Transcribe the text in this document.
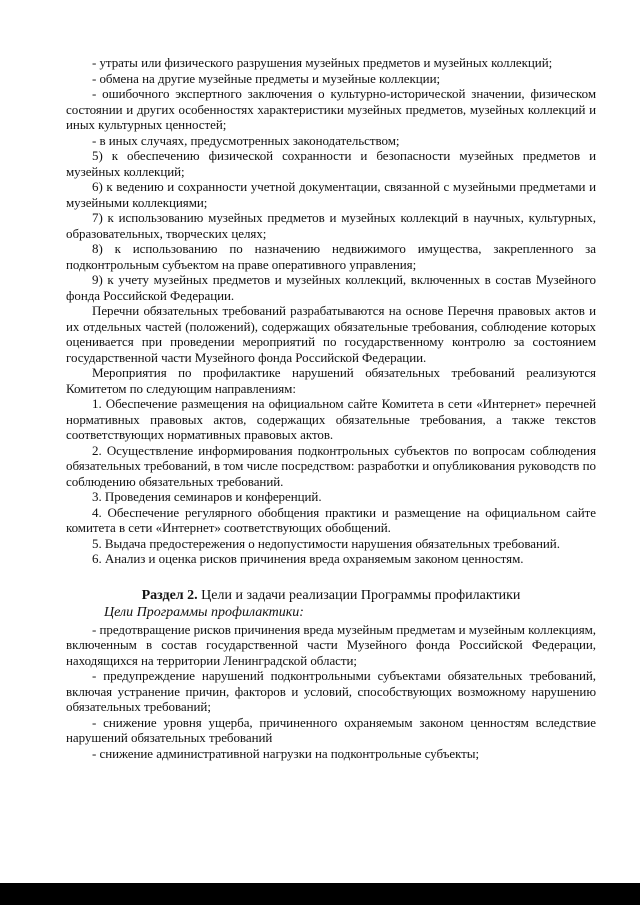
- утраты или физического разрушения музейных предметов и музейных коллекций;

- обмена на другие музейные предметы и музейные коллекции;

- ошибочного экспертного заключения о культурно-исторической значении, физическом состоянии и других особенностях характеристики музейных предметов, музейных коллекций и иных культурных ценностей;

- в иных случаях, предусмотренных законодательством;

5) к обеспечению физической сохранности и безопасности музейных предметов и музейных коллекций;

6) к ведению и сохранности учетной документации, связанной с музейными предметами и музейными коллекциями;

7) к использованию музейных предметов и музейных коллекций в научных, культурных, образовательных, творческих целях;

8) к использованию по назначению недвижимого имущества, закрепленного за подконтрольным субъектом на праве оперативного управления;

9) к учету музейных предметов и музейных коллекций, включенных в состав Музейного фонда Российской Федерации.

Перечни обязательных требований разрабатываются на основе Перечня правовых актов и их отдельных частей (положений), содержащих обязательные требования, соблюдение которых оценивается при проведении мероприятий по государственному контролю за состоянием государственной части Музейного фонда Российской Федерации.

Мероприятия по профилактике нарушений обязательных требований реализуются Комитетом по следующим направлениям:

1. Обеспечение размещения на официальном сайте Комитета в сети «Интернет» перечней нормативных правовых актов, содержащих обязательные требования, а также текстов соответствующих нормативных правовых актов.

2. Осуществление информирования подконтрольных субъектов по вопросам соблюдения обязательных требований, в том числе посредством: разработки и опубликования руководств по соблюдению обязательных требований.

3. Проведения семинаров и конференций.

4. Обеспечение регулярного обобщения практики и размещение на официальном сайте комитета в сети «Интернет» соответствующих обобщений.

5. Выдача предостережения о недопустимости нарушения обязательных требований.

6. Анализ и оценка рисков причинения вреда охраняемым законом ценностям.

Раздел 2. Цели и задачи реализации Программы профилактики

Цели Программы профилактики:

- предотвращение рисков причинения вреда музейным предметам и музейным коллекциям, включенным в состав государственной части Музейного фонда Российской Федерации, находящихся на территории Ленинградской области;

- предупреждение нарушений подконтрольными субъектами обязательных требований, включая устранение причин, факторов и условий, способствующих возможному нарушению обязательных требований;

- снижение уровня ущерба, причиненного охраняемым законом ценностям вследствие нарушений обязательных требований

- снижение административной нагрузки на подконтрольные субъекты;
